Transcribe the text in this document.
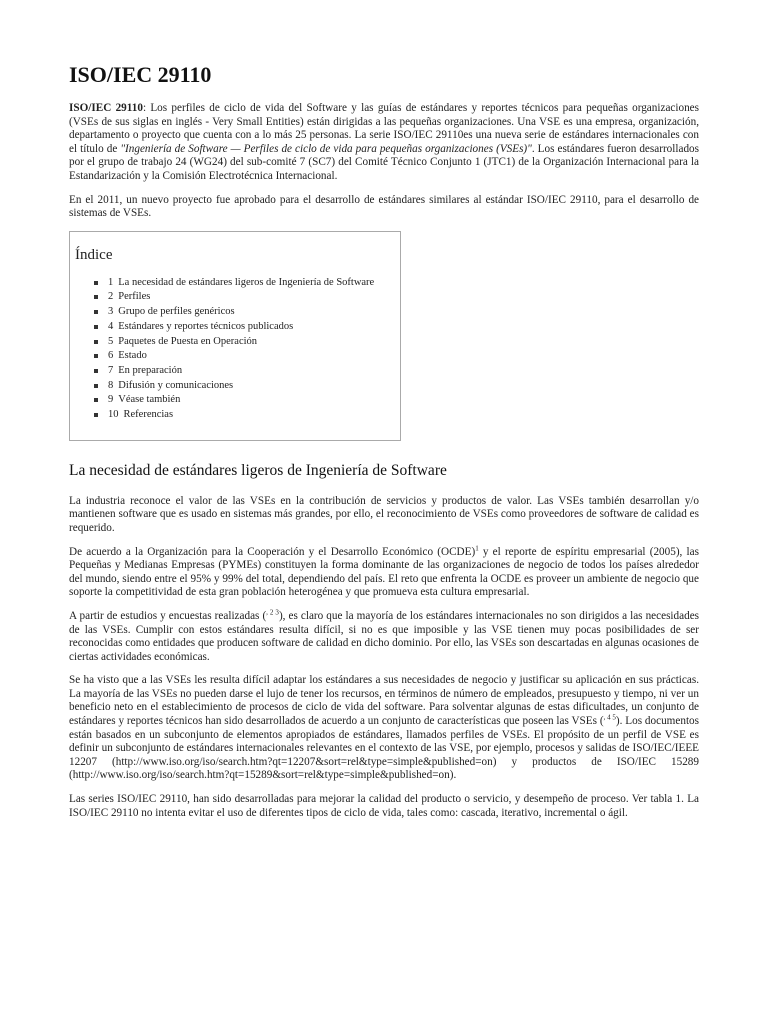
ISO/IEC 29110

ISO/IEC 29110: Los perfiles de ciclo de vida del Software y las guías de estándares y reportes técnicos para pequeñas organizaciones (VSEs de sus siglas en inglés - Very Small Entities) están dirigidas a las pequeñas organizaciones. Una VSE es una empresa, organización, departamento o proyecto que cuenta con a lo más 25 personas. La serie ISO/IEC 29110es una nueva serie de estándares internacionales con el título de "Ingeniería de Software — Perfiles de ciclo de vida para pequeñas organizaciones (VSEs)". Los estándares fueron desarrollados por el grupo de trabajo 24 (WG24) del sub-comité 7 (SC7) del Comité Técnico Conjunto 1 (JTC1) de la Organización Internacional para la Estandarización y la Comisión Electrotécnica Internacional.

En el 2011, un nuevo proyecto fue aprobado para el desarrollo de estándares similares al estándar ISO/IEC 29110, para el desarrollo de sistemas de VSEs.

Índice
1 La necesidad de estándares ligeros de Ingeniería de Software
2 Perfiles
3 Grupo de perfiles genéricos
4 Estándares y reportes técnicos publicados
5 Paquetes de Puesta en Operación
6 Estado
7 En preparación
8 Difusión y comunicaciones
9 Véase también
10 Referencias
La necesidad de estándares ligeros de Ingeniería de Software

La industria reconoce el valor de las VSEs en la contribución de servicios y productos de valor. Las VSEs también desarrollan y/o mantienen software que es usado en sistemas más grandes, por ello, el reconocimiento de VSEs como proveedores de software de calidad es requerido.

De acuerdo a la Organización para la Cooperación y el Desarrollo Económico (OCDE)$^1$ y el reporte de espíritu empresarial (2005), las Pequeñas y Medianas Empresas (PYMEs) constituyen la forma dominante de las organizaciones de negocio de todos los países alrededor del mundo, siendo entre el 95% y 99% del total, dependiendo del país. El reto que enfrenta la OCDE es proveer un ambiente de negocio que soporte la competitividad de esta gran población heterogénea y que promueva esta cultura empresarial.

A partir de estudios y encuestas realizadas ($^{, 2 3}$), es claro que la mayoría de los estándares internacionales no son dirigidos a las necesidades de las VSEs. Cumplir con estos estándares resulta difícil, si no es que imposible y las VSE tienen muy pocas posibilidades de ser reconocidas como entidades que producen software de calidad en dicho dominio. Por ello, las VSEs son descartadas en algunas ocasiones de ciertas actividades económicas.

Se ha visto que a las VSEs les resulta difícil adaptar los estándares a sus necesidades de negocio y justificar su aplicación en sus prácticas. La mayoría de las VSEs no pueden darse el lujo de tener los recursos, en términos de número de empleados, presupuesto y tiempo, ni ver un beneficio neto en el establecimiento de procesos de ciclo de vida del software. Para solventar algunas de estas dificultades, un conjunto de estándares y reportes técnicos han sido desarrollados de acuerdo a un conjunto de características que poseen las VSEs ($^{, 4 5}$). Los documentos están basados en un subconjunto de elementos apropiados de estándares, llamados perfiles de VSEs. El propósito de un perfil de VSE es definir un subconjunto de estándares internacionales relevantes en el contexto de las VSE, por ejemplo, procesos y salidas de ISO/IEC/IEEE 12207 (http://www.iso.org/iso/search.htm?qt=12207&sort=rel&type=simple&published=on) y productos de ISO/IEC 15289 (http://www.iso.org/iso/search.htm?qt=15289&sort=rel&type=simple&published=on).

Las series ISO/IEC 29110, han sido desarrolladas para mejorar la calidad del producto o servicio, y desempeño de proceso. Ver tabla 1. La ISO/IEC 29110 no intenta evitar el uso de diferentes tipos de ciclo de vida, tales como: cascada, iterativo, incremental o ágil.
